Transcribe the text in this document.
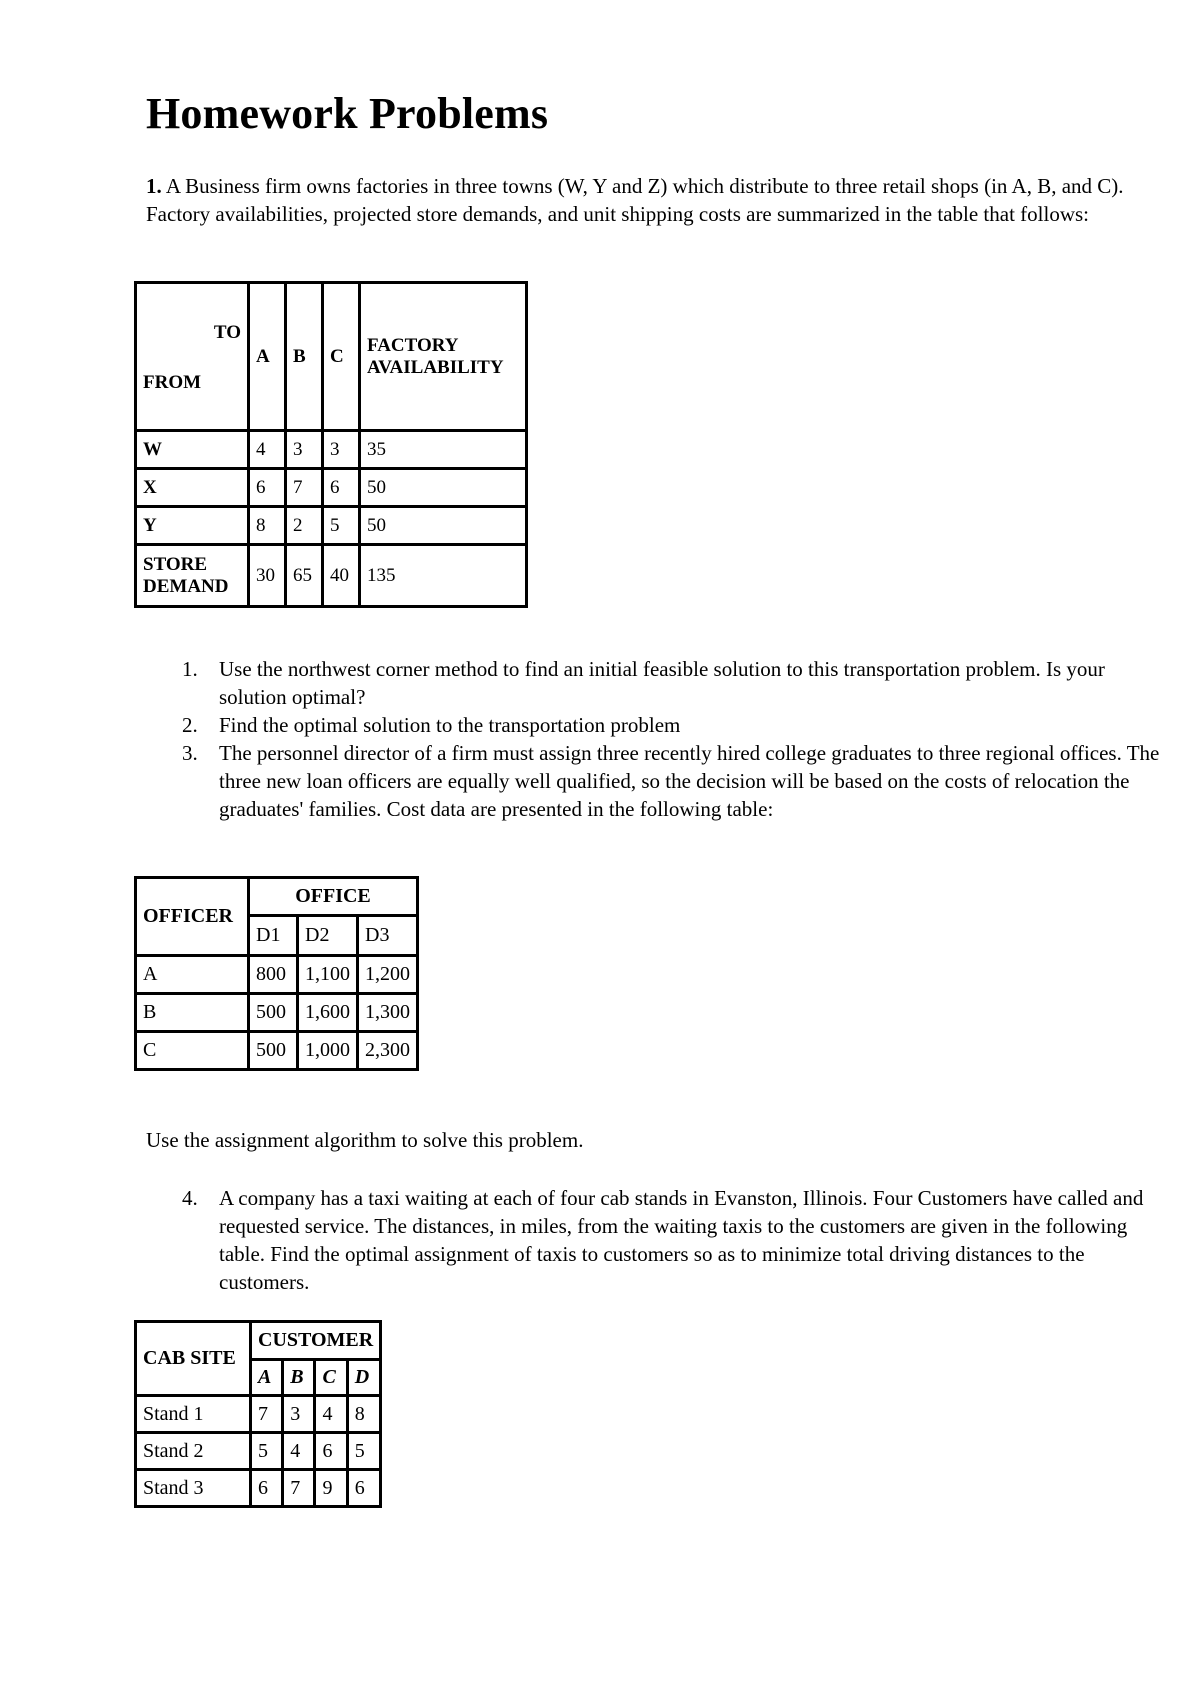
Homework Problems

1. A Business firm owns factories in three towns (W, Y and Z) which distribute to three retail shops (in A, B, and C). Factory availabilities, projected store demands, and unit shipping costs are summarized in the table that follows:

TO
FROM	A	B	C	FACTORY AVAILABILITY
W	4	3	3	35
X	6	7	6	50
Y	8	2	5	50
STORE DEMAND	30	65	40	135
1. Use the northwest corner method to find an initial feasible solution to this transportation problem. Is your solution optimal?
2. Find the optimal solution to the transportation problem
3. The personnel director of a firm must assign three recently hired college graduates to three regional offices. The three new loan officers are equally well qualified, so the decision will be based on the costs of relocation the graduates' families. Cost data are presented in the following table:
OFFICER	OFFICE		
	D1	D2	D3
A	800	1,100	1,200
B	500	1,600	1,300
C	500	1,000	2,300

Use the assignment algorithm to solve this problem.

4. A company has a taxi waiting at each of four cab stands in Evanston, Illinois. Four Customers have called and requested service. The distances, in miles, from the waiting taxis to the customers are given in the following table. Find the optimal assignment of taxis to customers so as to minimize total driving distances to the customers.
CAB SITE	CUSTOMER			
	A	B	C	D
Stand 1	7	3	4	8
Stand 2	5	4	6	5
Stand 3	6	7	9	6
